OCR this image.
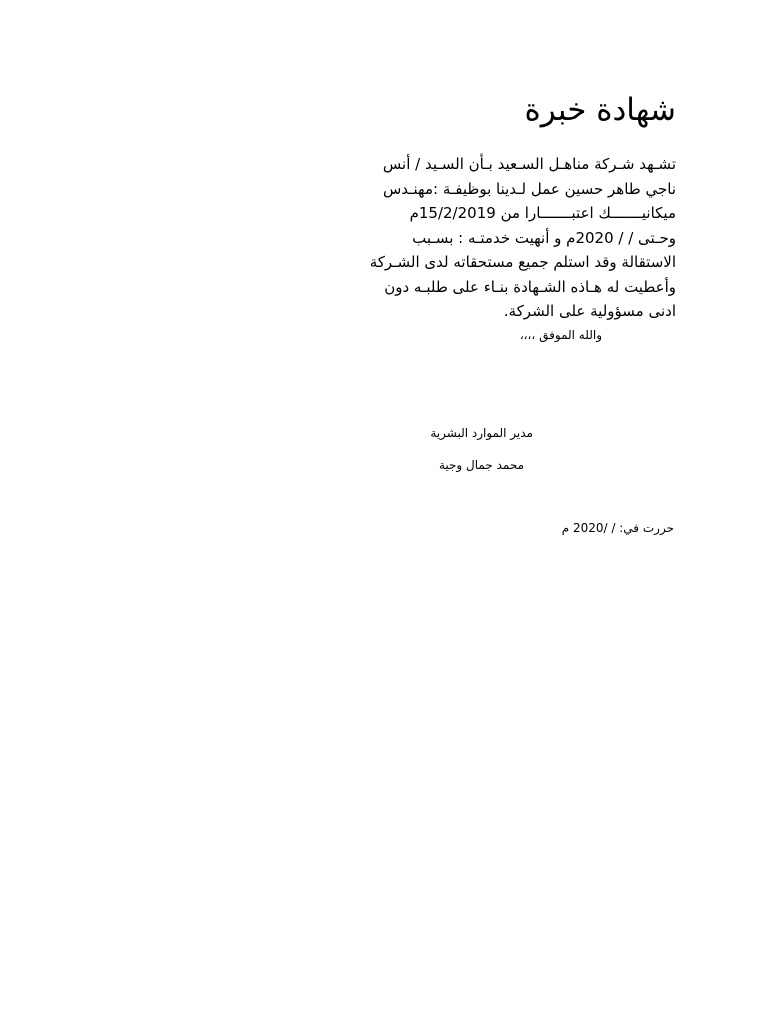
شهادة خبرة
تشـهد شـركة مناهـل السـعيد بـأن السـيد / أنس
ناجي طاهر حسين عمل لـدينا بوظيفـة :مهنـدس
ميكانيـــــــك اعتبـــــــارا من 15/2/2019م
وحـتى / / 2020م و أنهيت خدمتـه : بسـبب
الاستقالة وقد استلم جميع مستحقاته لدى الشـركة
وأعطيت له هـاذه الشـهادة بنـاء على طلبـه دون
ادنى مسؤولية على الشركة.
والله الموفق ،،،،
مدير الموارد البشرية
محمد جمال وجية
حررت في: / /2020 م
